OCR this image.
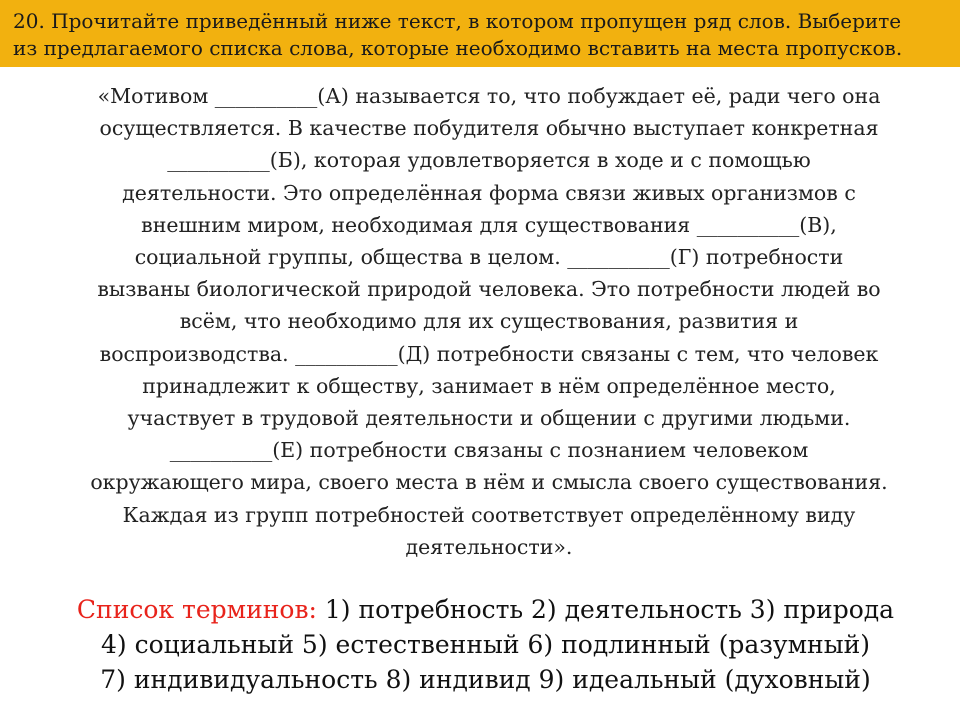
20. Прочитайте приведённый ниже текст, в котором пропущен ряд слов. Выберите
из предлагаемого списка слова, которые необходимо вставить на места пропусков.
«Мотивом __________(А) называется то, что побуждает её, ради чего она
осуществляется. В качестве побудителя обычно выступает конкретная
__________(Б), которая удовлетворяется в ходе и с помощью
деятельности. Это определённая форма связи живых организмов с
внешним миром, необходимая для существования __________(В),
социальной группы, общества в целом. __________(Г) потребности
вызваны биологической природой человека. Это потребности людей во
всём, что необходимо для их существования, развития и
воспроизводства. __________(Д) потребности связаны с тем, что человек
принадлежит к обществу, занимает в нём определённое место,
участвует в трудовой деятельности и общении с другими людьми.
__________(Е) потребности связаны с познанием человеком
окружающего мира, своего места в нём и смысла своего существования.
Каждая из групп потребностей соответствует определённому виду
деятельности».
Список терминов: 1) потребность 2) деятельность 3) природа
4) социальный 5) естественный 6) подлинный (разумный)
7) индивидуальность 8) индивид 9) идеальный (духовный)
